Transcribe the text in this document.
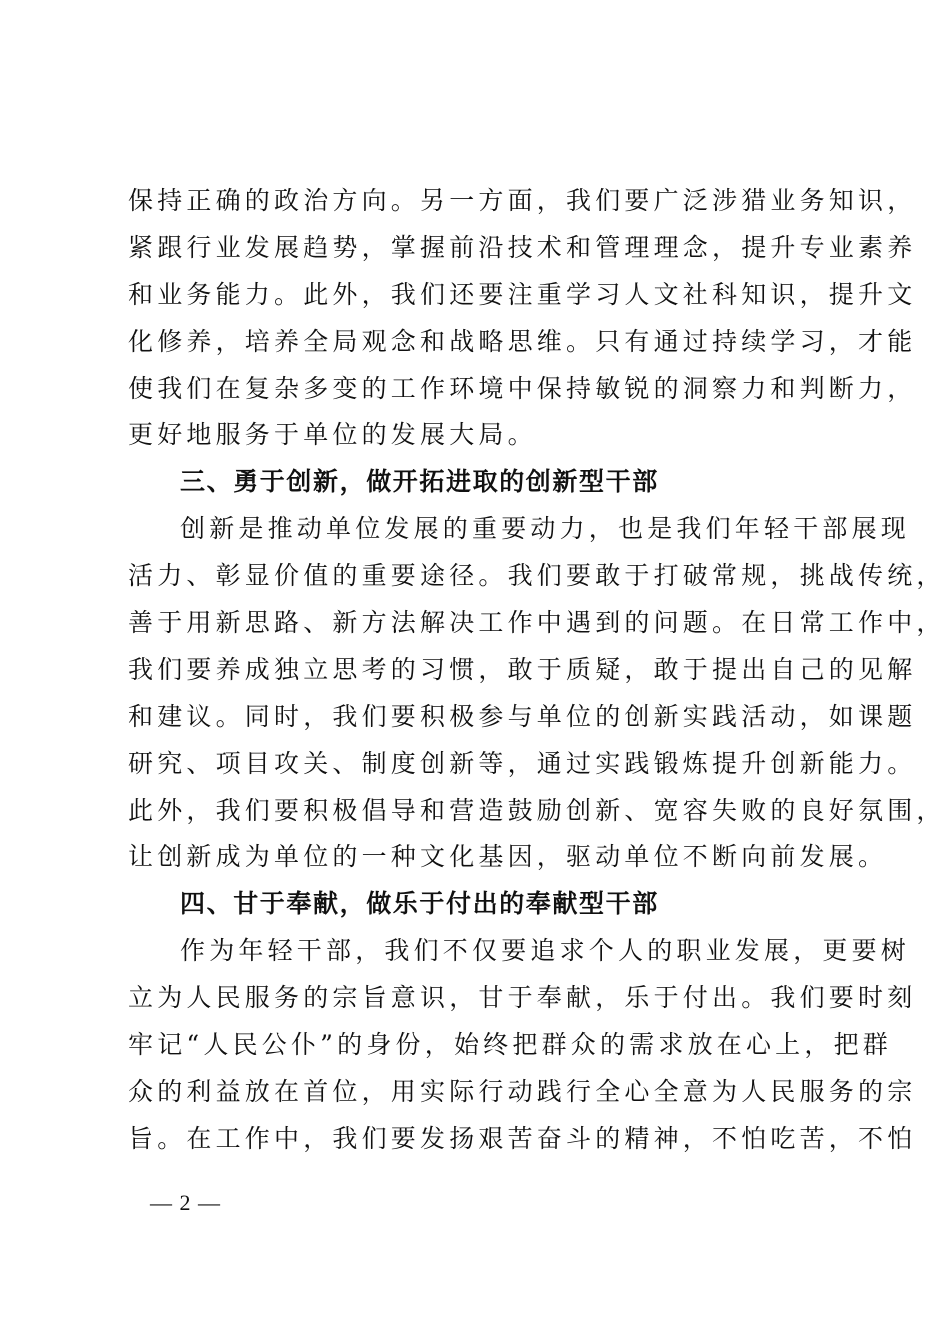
保持正确的政治方向。另一方面，我们要广泛涉猎业务知识，
紧跟行业发展趋势，掌握前沿技术和管理理念，提升专业素养
和业务能力。此外，我们还要注重学习人文社科知识，提升文
化修养，培养全局观念和战略思维。只有通过持续学习，才能
使我们在复杂多变的工作环境中保持敏锐的洞察力和判断力，
更好地服务于单位的发展大局。
三、勇于创新，做开拓进取的创新型干部
创新是推动单位发展的重要动力，也是我们年轻干部展现
活力、彰显价值的重要途径。我们要敢于打破常规，挑战传统，
善于用新思路、新方法解决工作中遇到的问题。在日常工作中，
我们要养成独立思考的习惯，敢于质疑，敢于提出自己的见解
和建议。同时，我们要积极参与单位的创新实践活动，如课题
研究、项目攻关、制度创新等，通过实践锻炼提升创新能力。
此外，我们要积极倡导和营造鼓励创新、宽容失败的良好氛围，
让创新成为单位的一种文化基因，驱动单位不断向前发展。
四、甘于奉献，做乐于付出的奉献型干部
作为年轻干部，我们不仅要追求个人的职业发展，更要树
立为人民服务的宗旨意识，甘于奉献，乐于付出。我们要时刻
牢记“人民公仆”的身份，始终把群众的需求放在心上，把群
众的利益放在首位，用实际行动践行全心全意为人民服务的宗
旨。在工作中，我们要发扬艰苦奋斗的精神，不怕吃苦，不怕
— 2 —
